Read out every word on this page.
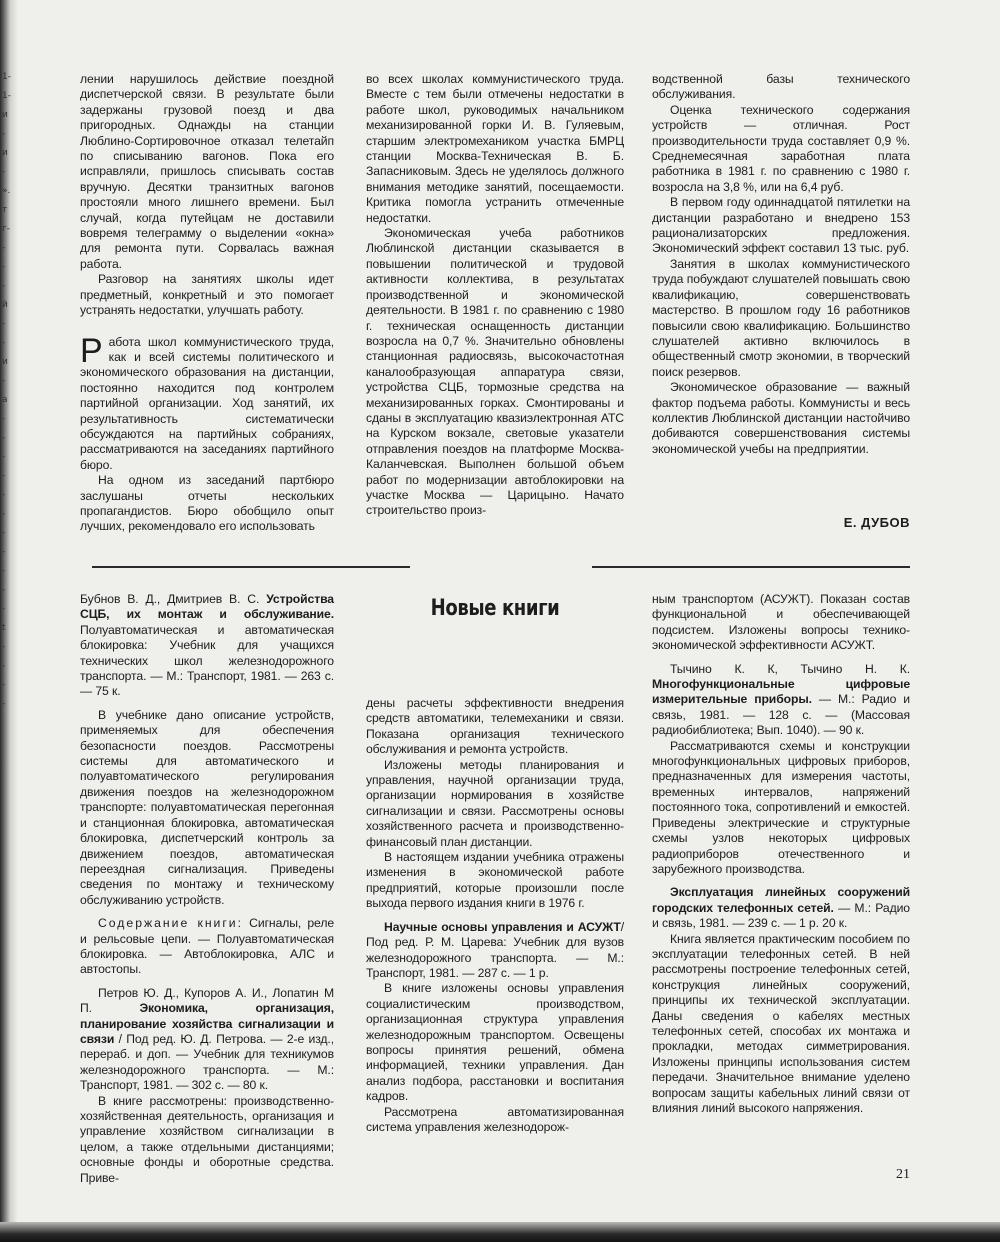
1-
1-
и
-
и
-
».
т
г-
-
-
-
й
-
-
и
-
а
-
-
-
-
-
-
-
-
-
-
-
t
-
-
-
-

лении нарушилось действие поездной диспетчерской связи. В результате были задержаны грузовой поезд и два пригородных. Однажды на станции Люблино-Сортировочное отказал телетайп по списыванию вагонов. Пока его исправляли, пришлось списывать состав вручную. Десятки транзитных вагонов простояли много лишнего времени. Был случай, когда путейцам не доставили вовремя телеграмму о выделении «окна» для ремонта пути. Сорвалась важная работа.

Разговор на занятиях школы идет предметный, конкретный и это помогает устранять недостатки, улучшать работу.

Работа школ коммунистического труда, как и всей системы политического и экономического образования на дистанции, постоянно находится под контролем партийной организации. Ход занятий, их результативность систематически обсуждаются на партийных собраниях, рассматриваются на заседаниях партийного бюро.

На одном из заседаний партбюро заслушаны отчеты нескольких пропагандистов. Бюро обобщило опыт лучших, рекомендовало его использовать

во всех школах коммунистического труда. Вместе с тем были отмечены недостатки в работе школ, руководимых начальником механизированной горки И. В. Гуляевым, старшим электромехаником участка БМРЦ станции Москва-Техническая В. Б. Запасниковым. Здесь не уделялось должного внимания методике занятий, посещаемости. Критика помогла устранить отмеченные недостатки.

Экономическая учеба работников Люблинской дистанции сказывается в повышении политической и трудовой активности коллектива, в результатах производственной и экономической деятельности. В 1981 г. по сравнению с 1980 г. техническая оснащенность дистанции возросла на 0,7 %. Значительно обновлены станционная радиосвязь, высокочастотная каналообразующая аппаратура связи, устройства СЦБ, тормозные средства на механизированных горках. Смонтированы и сданы в эксплуатацию квазиэлектронная АТС на Курском вокзале, световые указатели отправления поездов на платформе Москва-Каланчевская. Выполнен большой объем работ по модернизации автоблокировки на участке Москва — Царицыно. Начато строительство произ-

водственной базы технического обслуживания.

Оценка технического содержания устройств — отличная. Рост производительности труда составляет 0,9 %. Среднемесячная заработная плата работника в 1981 г. по сравнению с 1980 г. возросла на 3,8 %, или на 6,4 руб.

В первом году одиннадцатой пятилетки на дистанции разработано и внедрено 153 рационализаторских предложения. Экономический эффект составил 13 тыс. руб.

Занятия в школах коммунистического труда побуждают слушателей повышать свою квалификацию, совершенствовать мастерство. В прошлом году 16 работников повысили свою квалификацию. Большинство слушателей активно включилось в общественный смотр экономии, в творческий поиск резервов.

Экономическое образование — важный фактор подъема работы. Коммунисты и весь коллектив Люблинской дистанции настойчиво добиваются совершенствования системы экономической учебы на предприятии.

Е. ДУБОВ
Новые книги

Бубнов В. Д., Дмитриев В. С. Устройства СЦБ, их монтаж и обслуживание. Полуавтоматическая и автоматическая блокировка: Учебник для учащихся технических школ железнодорожного транспорта. — М.: Транспорт, 1981. — 263 с. — 75 к.

В учебнике дано описание устройств, применяемых для обеспечения безопасности поездов. Рассмотрены системы для автоматического и полуавтоматического регулирования движения поездов на железнодорожном транспорте: полуавтоматическая перегонная и станционная блокировка, автоматическая блокировка, диспетчерский контроль за движением поездов, автоматическая переездная сигнализация. Приведены сведения по монтажу и техническому обслуживанию устройств.

Содержание книги: Сигналы, реле и рельсовые цепи. — Полуавтоматическая блокировка. — Автоблокировка, АЛС и автостопы.

Петров Ю. Д., Купоров А. И., Лопатин М П. Экономика, организация, планирование хозяйства сигнализации и связи / Под ред. Ю. Д. Петрова. — 2-е изд., перераб. и доп. — Учебник для техникумов железнодорожного транспорта. — М.: Транспорт, 1981. — 302 с. — 80 к.

В книге рассмотрены: производственно-хозяйственная деятельность, организация и управление хозяйством сигнализации в целом, а также отдельными дистанциями; основные фонды и оборотные средства. Приве-

дены расчеты эффективности внедрения средств автоматики, телемеханики и связи. Показана организация технического обслуживания и ремонта устройств.

Изложены методы планирования и управления, научной организации труда, организации нормирования в хозяйстве сигнализации и связи. Рассмотрены основы хозяйственного расчета и производственно-финансовый план дистанции.

В настоящем издании учебника отражены изменения в экономической работе предприятий, которые произошли после выхода первого издания книги в 1976 г.

Научные основы управления и АСУЖТ/Под ред. Р. М. Царева: Учебник для вузов железнодорожного транспорта. — М.: Транспорт, 1981. — 287 с. — 1 р.

В книге изложены основы управления социалистическим производством, организационная структура управления железнодорожным транспортом. Освещены вопросы принятия решений, обмена информацией, техники управления. Дан анализ подбора, расстановки и воспитания кадров.

Рассмотрена автоматизированная система управления железнодорож-

ным транспортом (АСУЖТ). Показан состав функциональной и обеспечивающей подсистем. Изложены вопросы технико-экономической эффективности АСУЖТ.

Тычино К. К, Тычино Н. К. Многофункциональные цифровые измерительные приборы. — М.: Радио и связь, 1981. — 128 с. — (Массовая радиобиблиотека; Вып. 1040). — 90 к.

Рассматриваются схемы и конструкции многофункциональных цифровых приборов, предназначенных для измерения частоты, временных интервалов, напряжений постоянного тока, сопротивлений и емкостей. Приведены электрические и структурные схемы узлов некоторых цифровых радиоприборов отечественного и зарубежного производства.

Эксплуатация линейных сооружений городских телефонных сетей. — М.: Радио и связь, 1981. — 239 с. — 1 р. 20 к.

Книга является практическим пособием по эксплуатации телефонных сетей. В ней рассмотрены построение телефонных сетей, конструкция линейных сооружений, принципы их технической эксплуатации. Даны сведения о кабелях местных телефонных сетей, способах их монтажа и прокладки, методах симметрирования. Изложены принципы использования систем передачи. Значительное внимание уделено вопросам защиты кабельных линий связи от влияния линий высокого напряжения.

21
